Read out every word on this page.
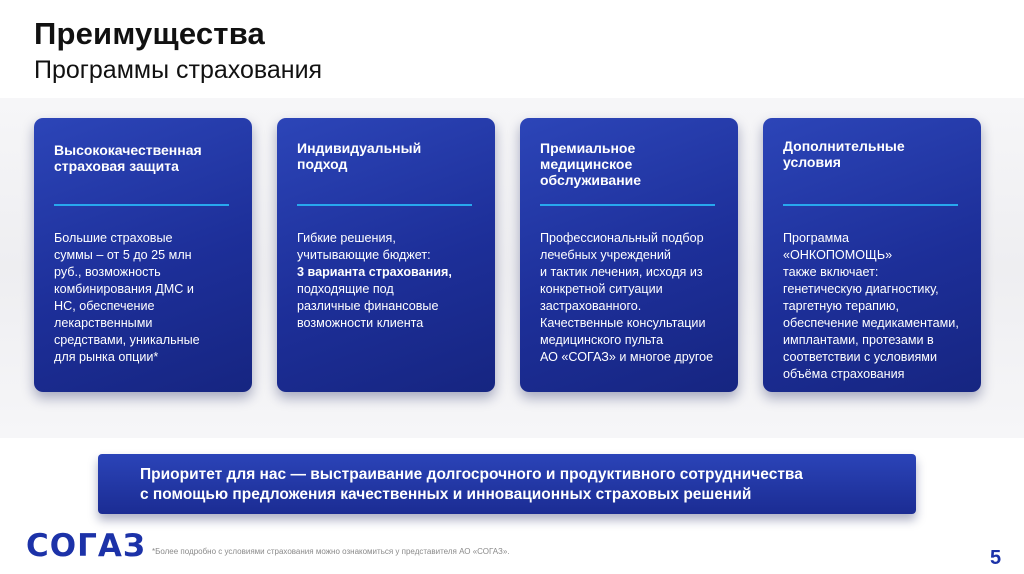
Преимущества
Программы страхования
Высококачественная
страховая защита
Большие страховые
суммы – от 5 до 25 млн
руб., возможность
комбинирования ДМС и
НС, обеспечение
лекарственными
средствами, уникальные
для рынка опции*
Индивидуальный
подход
Гибкие решения,
учитывающие бюджет:
3 варианта страхования,
подходящие под
различные финансовые
возможности клиента
Премиальное
медицинское
обслуживание
Профессиональный подбор
лечебных учреждений
и тактик лечения, исходя из
конкретной ситуации
застрахованного.
Качественные консультации
медицинского пульта
АО «СОГАЗ» и многое другое
Дополнительные
условия
Программа
«ОНКОПОМОЩЬ»
также включает:
генетическую диагностику,
таргетную терапию,
обеспечение медикаментами,
имплантами, протезами в
соответствии с условиями
объёма страхования
Приоритет для нас — выстраивание долгосрочного и продуктивного сотрудничества
с помощью предложения качественных и инновационных страховых решений
СОГАЗ *Более подробно с условиями страхования можно ознакомиться у представителя АО «СОГАЗ».	5
